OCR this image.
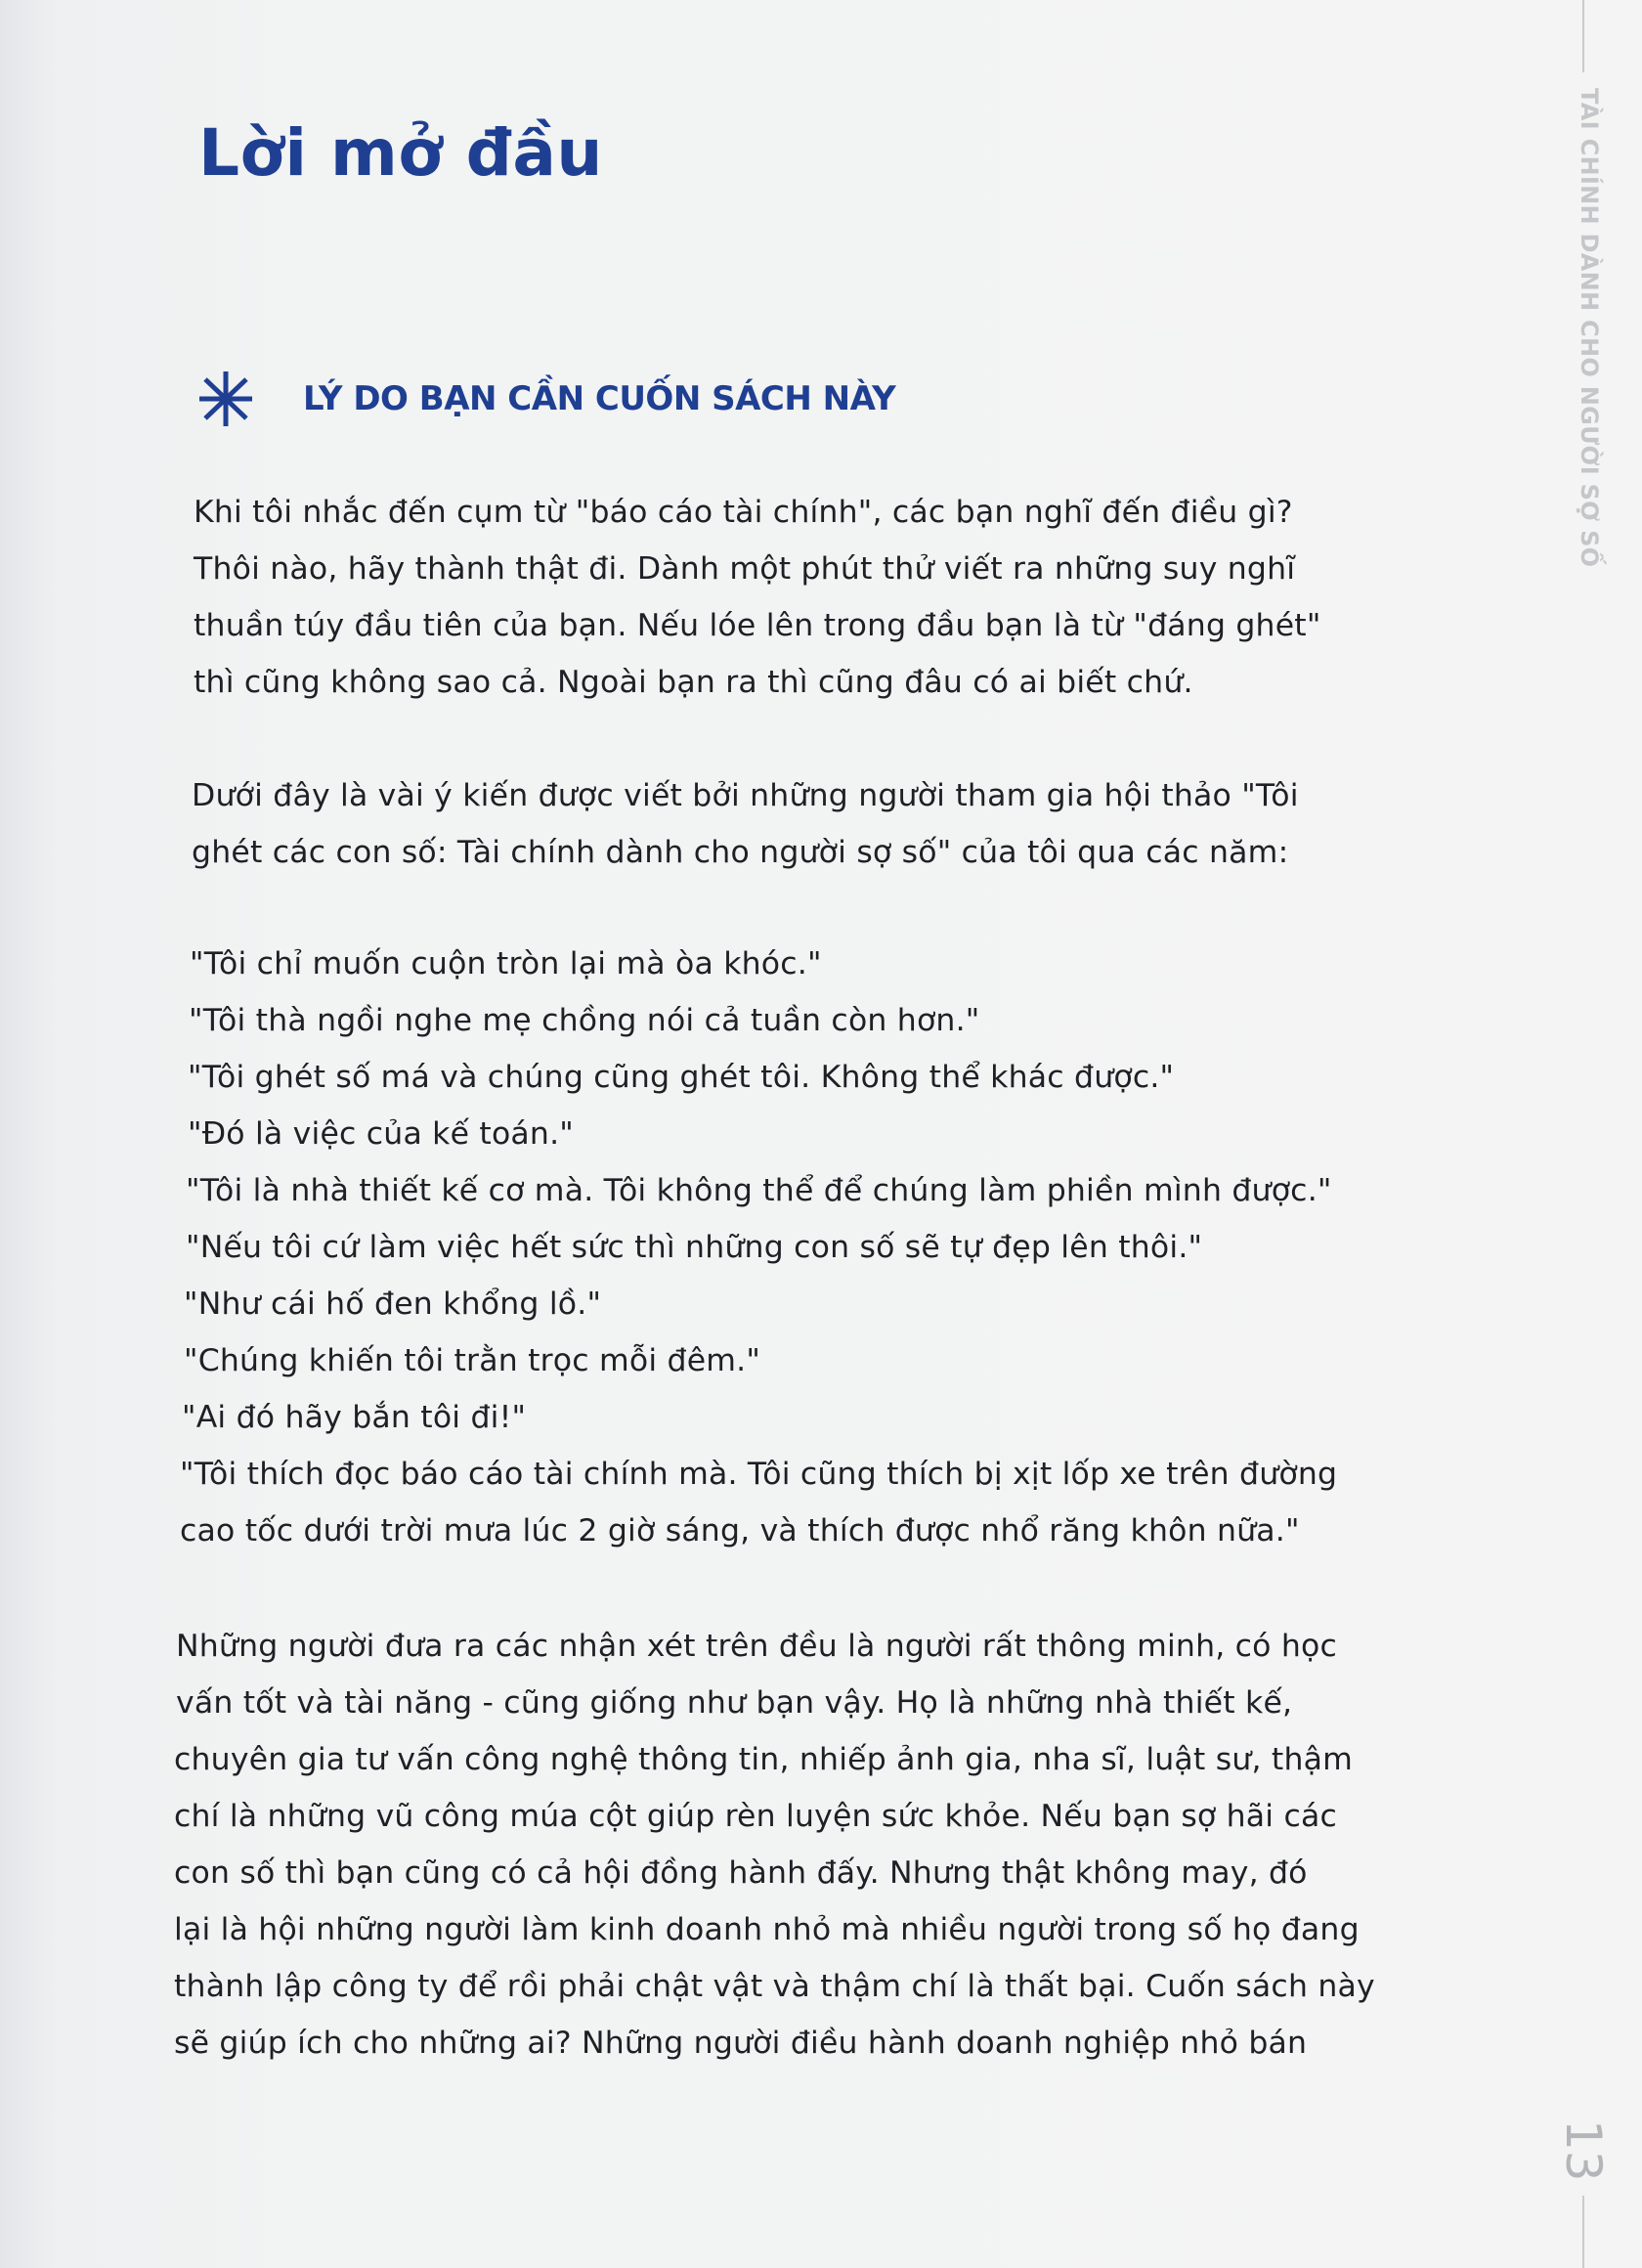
Lời mở đầu
LÝ DO BẠN CẦN CUỐN SÁCH NÀY
Khi tôi nhắc đến cụm từ "báo cáo tài chính", các bạn nghĩ đến điều gì?
Thôi nào, hãy thành thật đi. Dành một phút thử viết ra những suy nghĩ
thuần túy đầu tiên của bạn. Nếu lóe lên trong đầu bạn là từ "đáng ghét"
thì cũng không sao cả. Ngoài bạn ra thì cũng đâu có ai biết chứ.
Dưới đây là vài ý kiến được viết bởi những người tham gia hội thảo "Tôi
ghét các con số: Tài chính dành cho người sợ số" của tôi qua các năm:
"Tôi chỉ muốn cuộn tròn lại mà òa khóc."
"Tôi thà ngồi nghe mẹ chồng nói cả tuần còn hơn."
"Tôi ghét số má và chúng cũng ghét tôi. Không thể khác được."
"Đó là việc của kế toán."
"Tôi là nhà thiết kế cơ mà. Tôi không thể để chúng làm phiền mình được."
"Nếu tôi cứ làm việc hết sức thì những con số sẽ tự đẹp lên thôi."
"Như cái hố đen khổng lồ."
"Chúng khiến tôi trằn trọc mỗi đêm."
"Ai đó hãy bắn tôi đi!"
"Tôi thích đọc báo cáo tài chính mà. Tôi cũng thích bị xịt lốp xe trên đường
cao tốc dưới trời mưa lúc 2 giờ sáng, và thích được nhổ răng khôn nữa."
Những người đưa ra các nhận xét trên đều là người rất thông minh, có học
vấn tốt và tài năng - cũng giống như bạn vậy. Họ là những nhà thiết kế,
chuyên gia tư vấn công nghệ thông tin, nhiếp ảnh gia, nha sĩ, luật sư, thậm
chí là những vũ công múa cột giúp rèn luyện sức khỏe. Nếu bạn sợ hãi các
con số thì bạn cũng có cả hội đồng hành đấy. Nhưng thật không may, đó
lại là hội những người làm kinh doanh nhỏ mà nhiều người trong số họ đang
thành lập công ty để rồi phải chật vật và thậm chí là thất bại. Cuốn sách này
sẽ giúp ích cho những ai? Những người điều hành doanh nghiệp nhỏ bán
TÀI CHÍNH DÀNH CHO NGƯỜI SỢ SỐ
13
